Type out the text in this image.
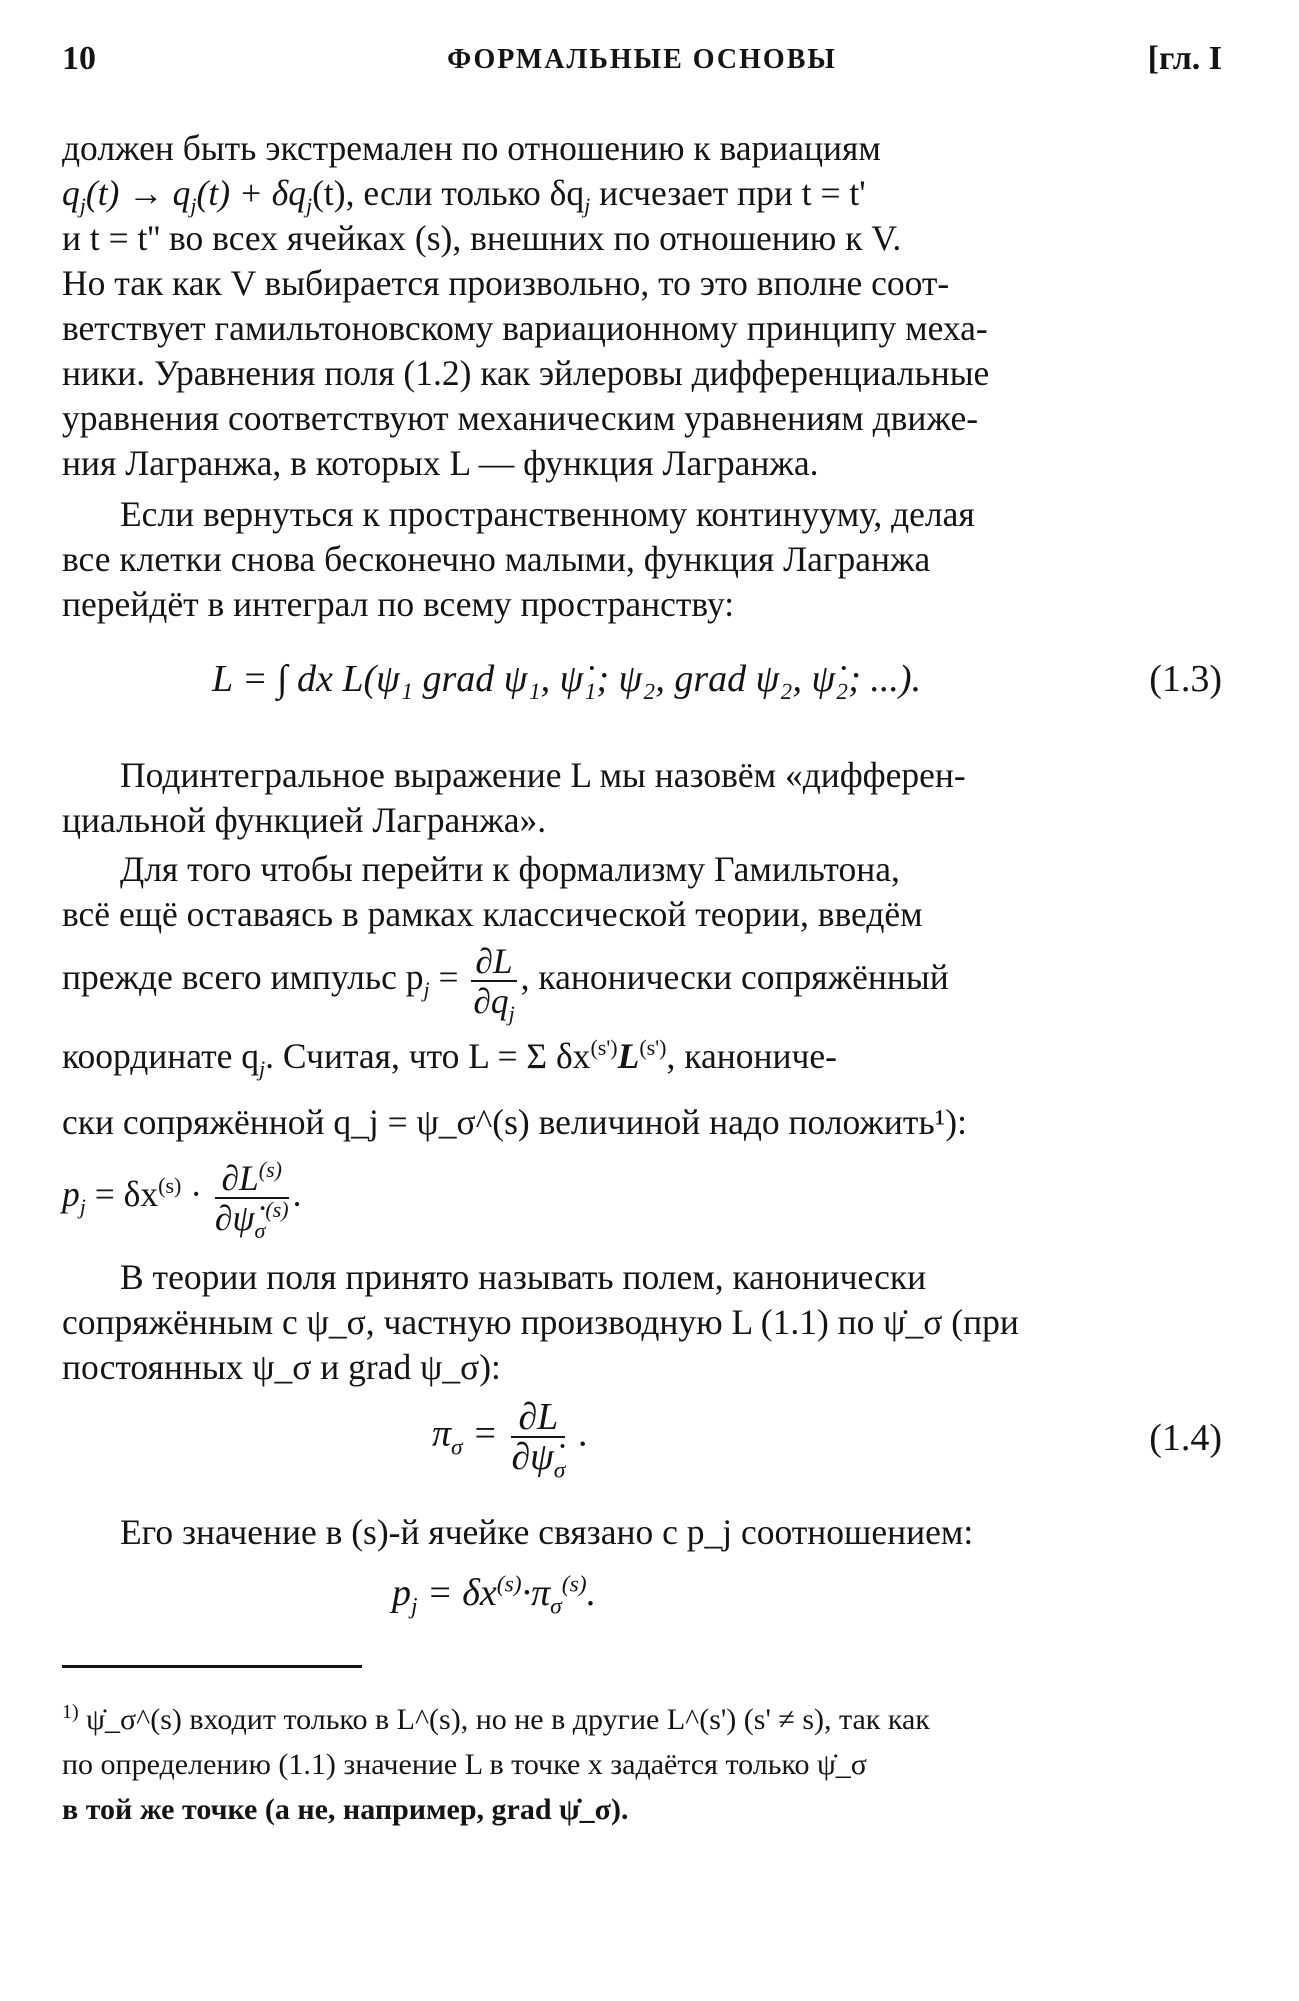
10	ФОРМАЛЬНЫЕ ОСНОВЫ	[гл. I

должен быть экстремален по отношению к вариациям

$q_j(t) \to q_j(t) + \delta q_j(t)$, если только $\delta q_j$ исчезает при t = t'

и t = t'' во всех ячейках (s), внешних по отношению к V.

Но так как V выбирается произвольно, то это вполне соот-

ветствует гамильтоновскому вариационному принципу меха-

ники. Уравнения поля (1.2) как эйлеровы дифференциальные

уравнения соответствуют механическим уравнениям движе-

ния Лагранжа, в которых L — функция Лагранжа.

Если вернуться к пространственному континууму, делая

все клетки снова бесконечно малыми, функция Лагранжа

перейдёт в интеграл по всему пространству:

L = ∫ dx L(ψ₁ grad ψ₁, ψ̇₁; ψ₂, grad ψ₂, ψ̇₂; ...).	(1.3)

Подинтегральное выражение L мы назовём «дифферен-

циальной функцией Лагранжа».

Для того чтобы перейти к формализму Гамильтона,

всё ещё оставаясь в рамках классической теории, введём

прежде всего импульс $p_j = \frac{\partial L}{\partial q_j}$ , канонически сопряжённый

координате $q_j$. Считая, что L = Σ $\delta x^{(s')}L^{(s')}$, канониче-

ски сопряжённой q_j = ψ_σ^(s) величиной надо положить¹):

$p_j = \delta x^{(s)} \cdot \frac{\partial L^{(s)}}{\partial\psi̇_\sigma^{(s)}}$ .

В теории поля принято называть полем, канонически

сопряжённым с ψ_σ, частную производную L (1.1) по ψ̇_σ (при

постоянных ψ_σ и grad ψ_σ):

$\pi_\sigma = \frac{\partial L}{\partial\psi̇_\sigma}$ .	(1.4)

Его значение в (s)-й ячейке связано с p_j соотношением:

$p_j = \delta x^{(s)}\cdot\pi_\sigma^{(s)}$.
$^{1)}$ ψ̇_σ^(s) входит только в L^(s), но не в другие L^(s') (s' ≠ s), так как
по определению (1.1) значение L в точке x задаётся только ψ̇_σ
в той же точке (а не, например, grad ψ̇_σ).
